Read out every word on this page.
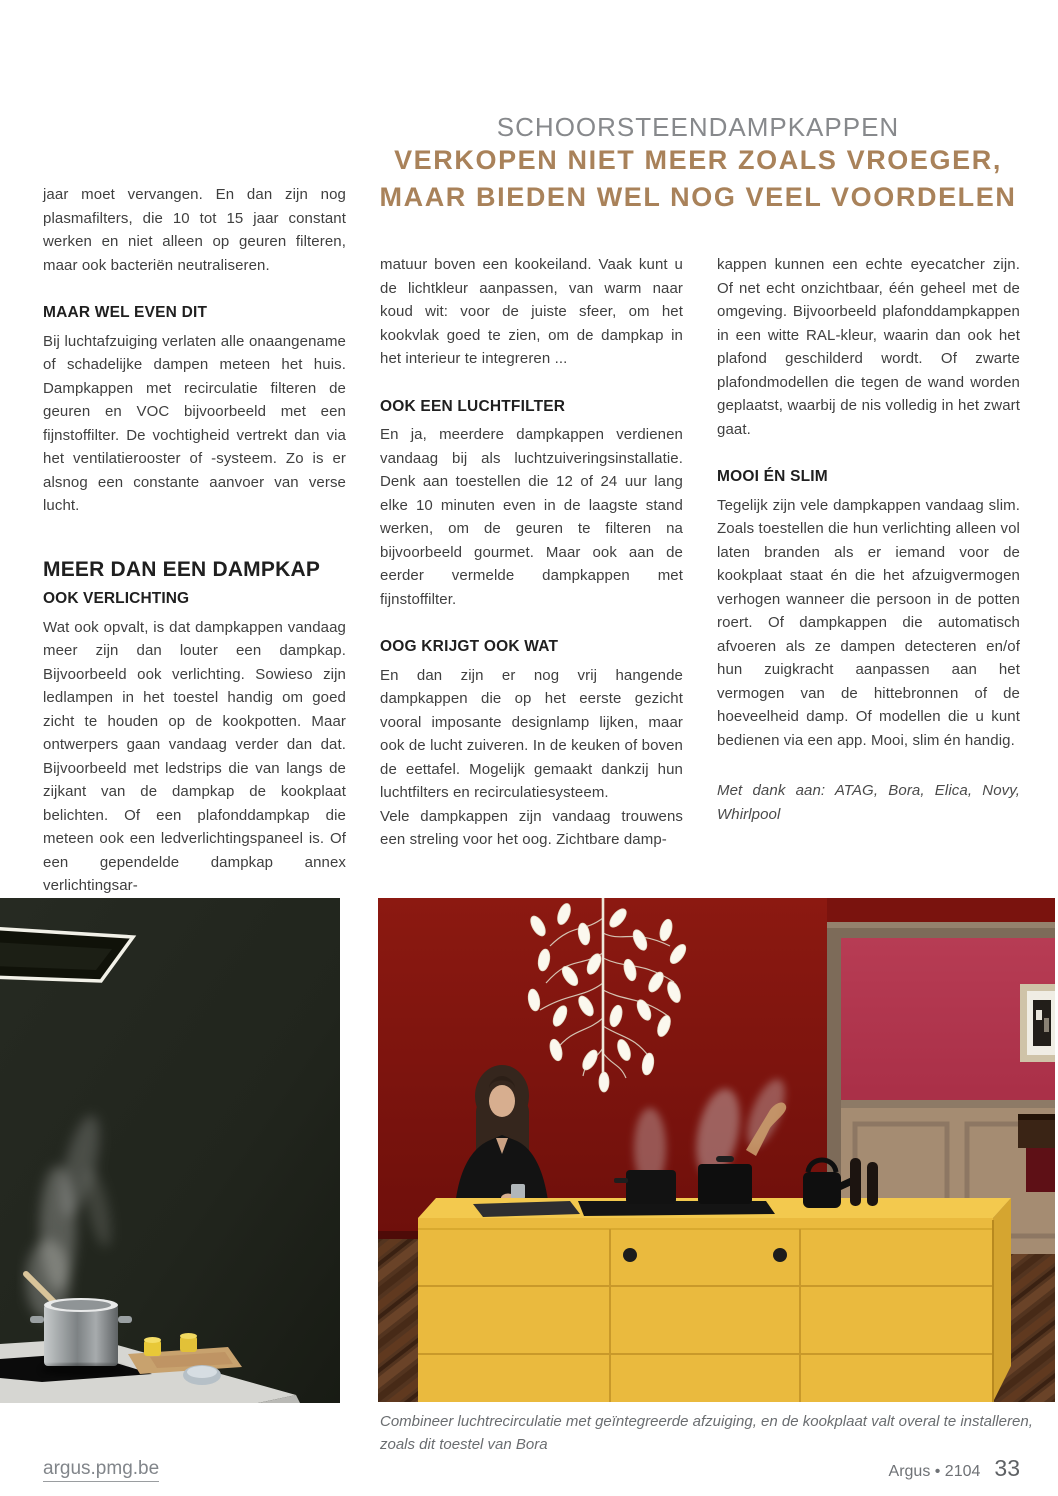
SCHOORSTEENDAMPKAPPEN
VERKOPEN NIET MEER ZOALS VROEGER,
MAAR BIEDEN WEL NOG VEEL VOORDELEN

jaar moet vervangen. En dan zijn nog plasmafilters, die 10 tot 15 jaar constant werken en niet alleen op geuren filteren, maar ook bacteriën neutraliseren.

MAAR WEL EVEN DIT

Bij luchtafzuiging verlaten alle onaangename of schadelijke dampen meteen het huis. Dampkappen met recirculatie filteren de geuren en VOC bijvoorbeeld met een fijnstoffilter. De vochtigheid vertrekt dan via het ventilatierooster of -systeem. Zo is er alsnog een constante aanvoer van verse lucht.

MEER DAN EEN DAMPKAP
OOK VERLICHTING

Wat ook opvalt, is dat dampkappen vandaag meer zijn dan louter een dampkap. Bijvoorbeeld ook verlichting. Sowieso zijn ledlampen in het toestel handig om goed zicht te houden op de kookpotten. Maar ontwerpers gaan vandaag verder dan dat. Bijvoorbeeld met ledstrips die van langs de zijkant van de dampkap de kookplaat belichten. Of een plafonddampkap die meteen ook een ledverlichtingspaneel is. Of een gependelde dampkap annex verlichtingsar-

matuur boven een kookeiland. Vaak kunt u de lichtkleur aanpassen, van warm naar koud wit: voor de juiste sfeer, om het kookvlak goed te zien, om de dampkap in het interieur te integreren ...

OOK EEN LUCHTFILTER

En ja, meerdere dampkappen verdienen vandaag bij als luchtzuiveringsinstallatie. Denk aan toestellen die 12 of 24 uur lang elke 10 minuten even in de laagste stand werken, om de geuren te filteren na bijvoorbeeld gourmet. Maar ook aan de eerder vermelde dampkappen met fijnstoffilter.

OOG KRIJGT OOK WAT

En dan zijn er nog vrij hangende dampkappen die op het eerste gezicht vooral imposante designlamp lijken, maar ook de lucht zuiveren. In de keuken of boven de eettafel. Mogelijk gemaakt dankzij hun luchtfilters en recirculatiesysteem.

Vele dampkappen zijn vandaag trouwens een streling voor het oog. Zichtbare damp-

kappen kunnen een echte eyecatcher zijn. Of net echt onzichtbaar, één geheel met de omgeving. Bijvoorbeeld plafonddampkappen in een witte RAL-kleur, waarin dan ook het plafond geschilderd wordt. Of zwarte plafondmodellen die tegen de wand worden geplaatst, waarbij de nis volledig in het zwart gaat.

MOOI ÉN SLIM

Tegelijk zijn vele dampkappen vandaag slim. Zoals toestellen die hun verlichting alleen vol laten branden als er iemand voor de kookplaat staat én die het afzuigvermogen verhogen wanneer die persoon in de potten roert. Of dampkappen die automatisch afvoeren als ze dampen detecteren en/of hun zuigkracht aanpassen aan het vermogen van de hittebronnen of de hoeveelheid damp. Of modellen die u kunt bedienen via een app. Mooi, slim én handig.

Met dank aan: ATAG, Bora, Elica, Novy, Whirlpool

Combineer luchtrecirculatie met geïntegreerde afzuiging, en de kookplaat valt overal te installeren, zoals dit toestel van Bora
argus.pmg.be	Argus • 2104 33
